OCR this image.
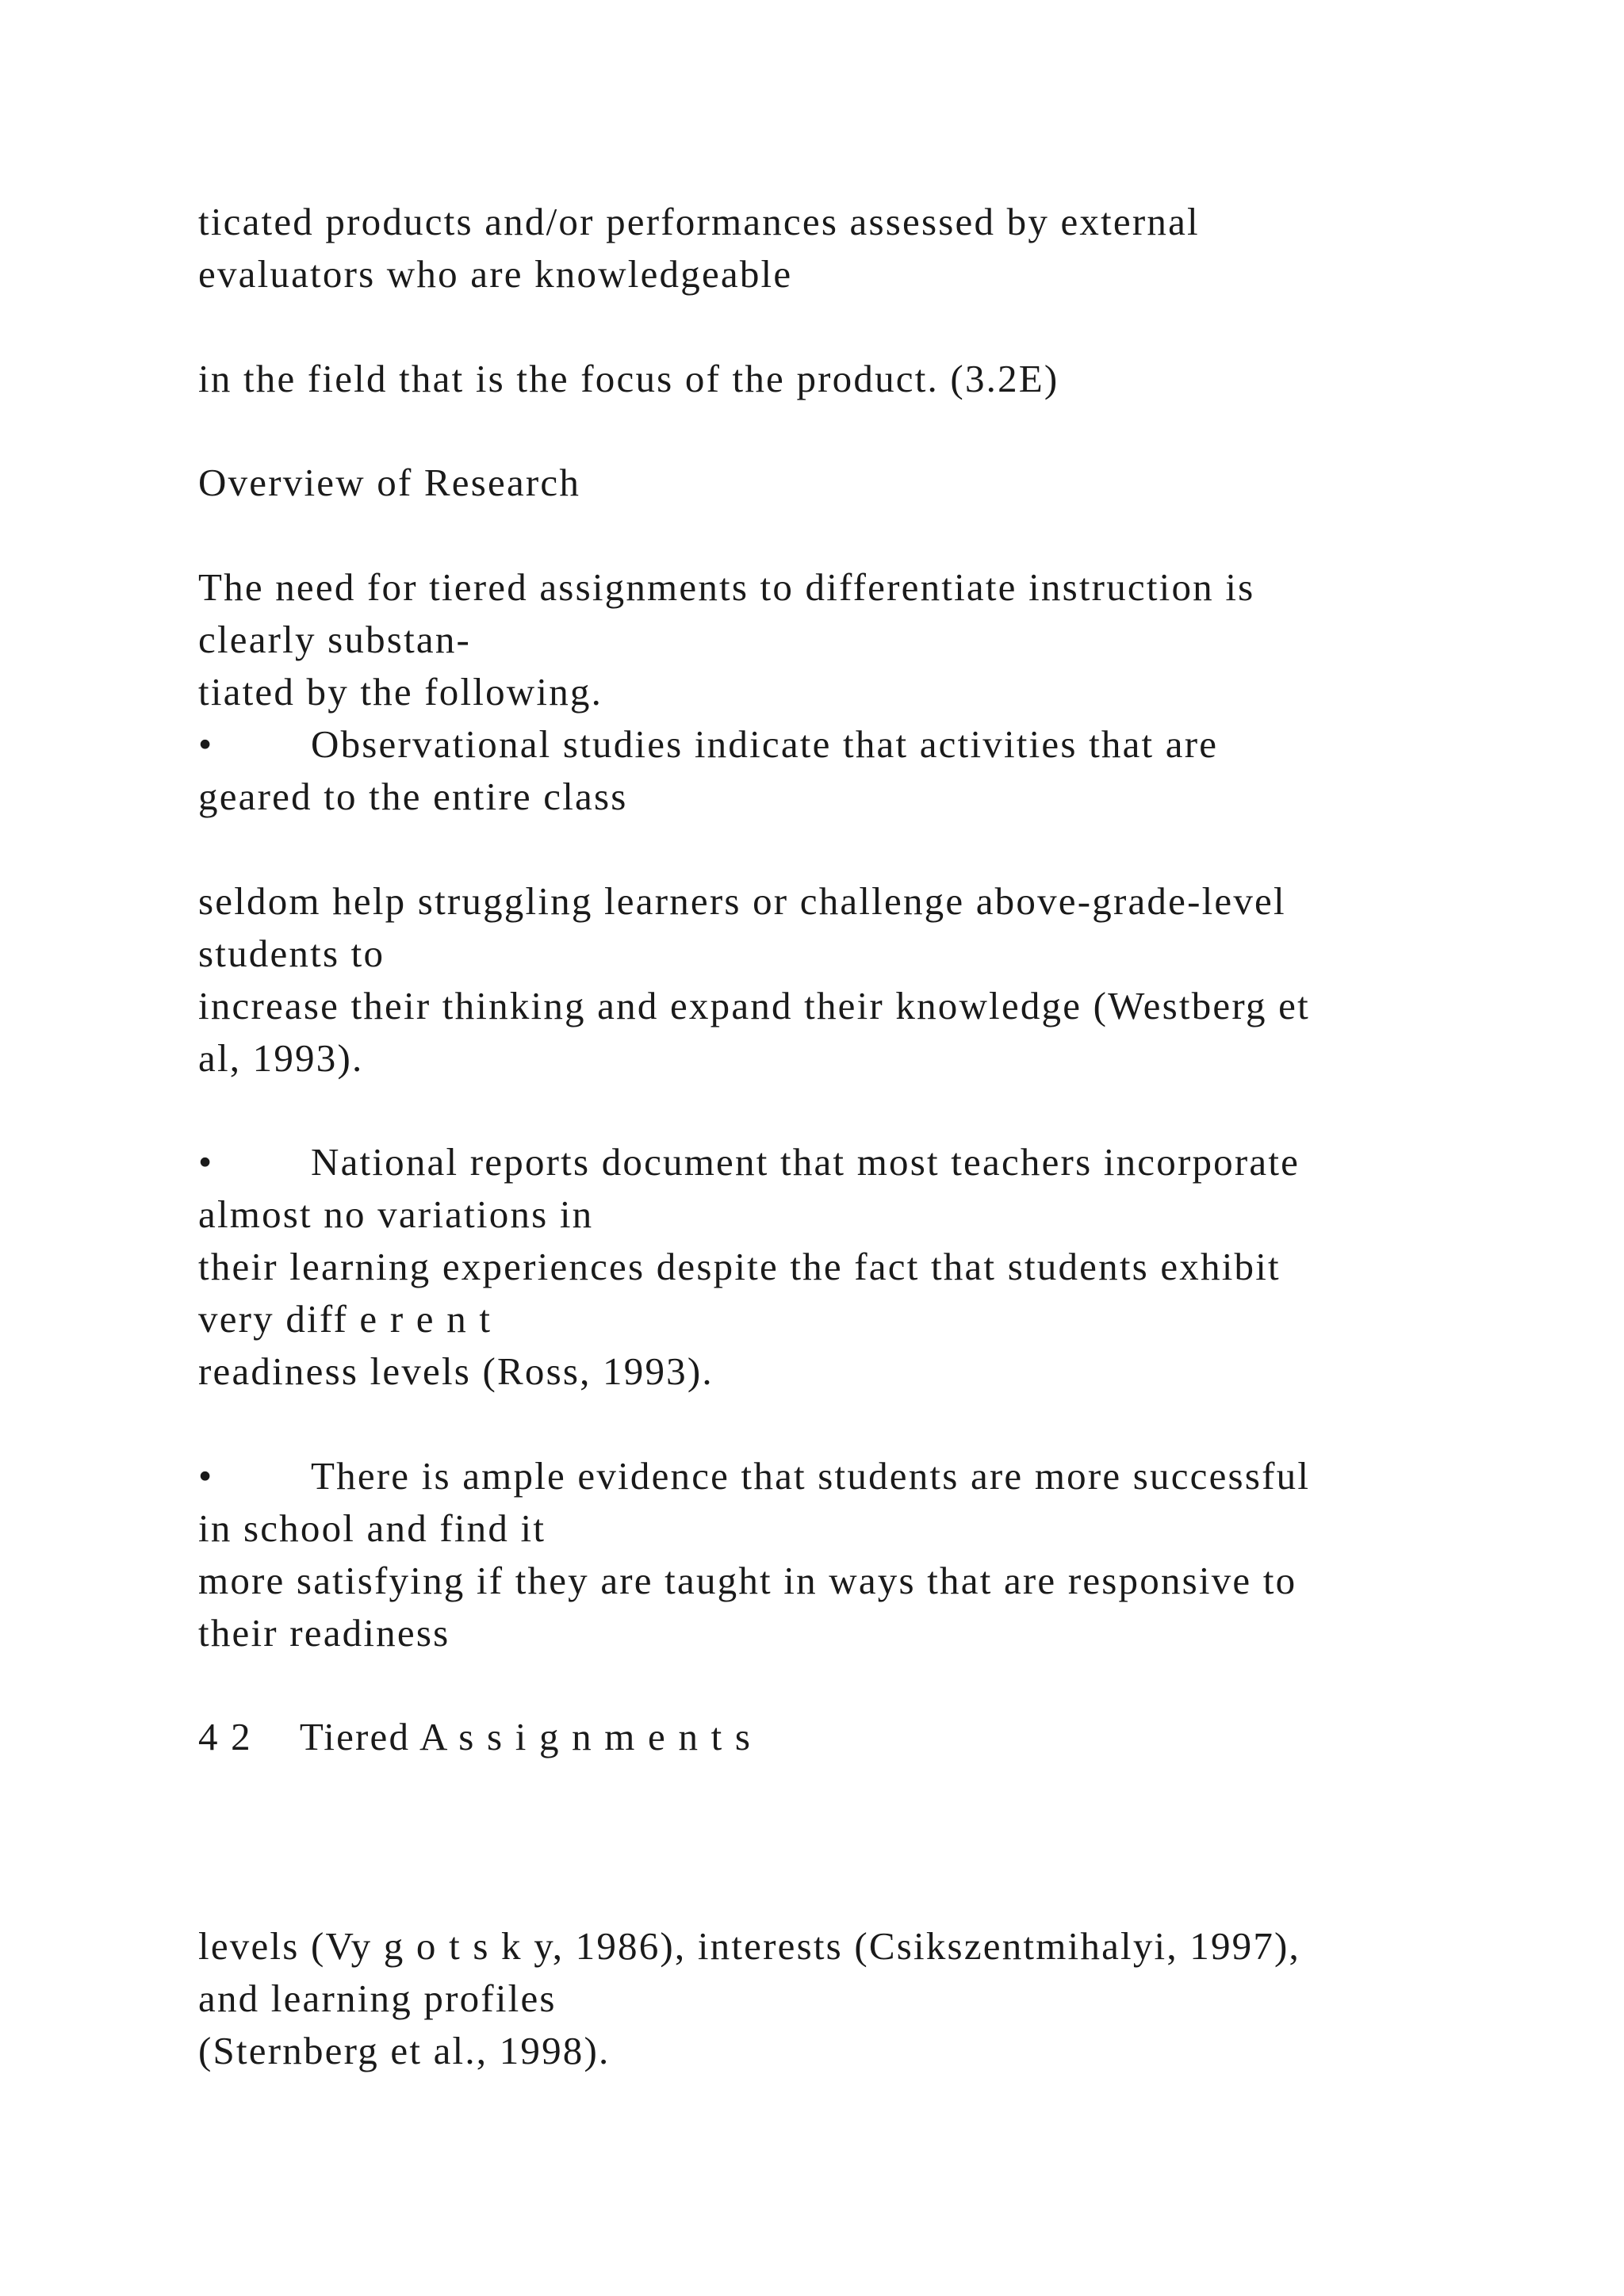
ticated products and/or performances assessed by external

evaluators who are knowledgeable

in the field that is the focus of the product. (3.2E)

Overview of Research

The need for tiered assignments to differentiate instruction is

clearly substan-

tiated by the following.

•	Observational studies indicate that activities that are

geared to the entire class

seldom help struggling learners or challenge above-grade-level

students to

increase their thinking and expand their knowledge (Westberg et

al, 1993).

•	National reports document that most teachers incorporate

almost no variations in

their learning experiences despite the fact that students exhibit

very diff e r e n t

readiness levels (Ross, 1993).

•	There is ample evidence that students are more successful

in school and find it

more satisfying if they are taught in ways that are responsive to

their readiness

4 2 Tiered A s s i g n m e n t s

levels (Vy g o t s k y, 1986), interests (Csikszentmihalyi, 1997),

and learning profiles

(Sternberg et al., 1998).
